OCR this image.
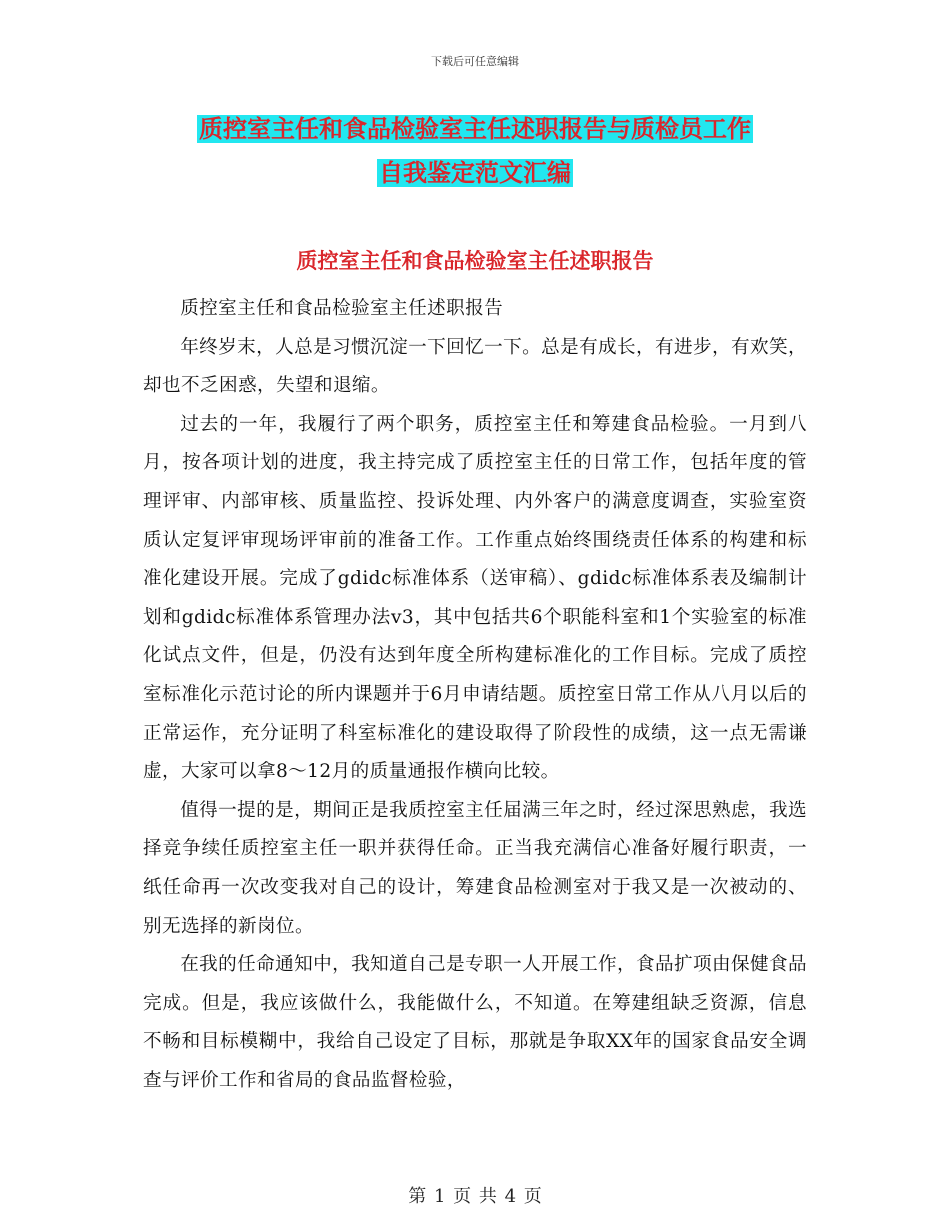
下载后可任意编辑
质控室主任和食品检验室主任述职报告与质检员工作
自我鉴定范文汇编
质控室主任和食品检验室主任述职报告

质控室主任和食品检验室主任述职报告

年终岁末，人总是习惯沉淀一下回忆一下。总是有成长，有进步，有欢笑，却也不乏困惑，失望和退缩。

过去的一年，我履行了两个职务，质控室主任和筹建食品检验。一月到八月，按各项计划的进度，我主持完成了质控室主任的日常工作，包括年度的管理评审、内部审核、质量监控、投诉处理、内外客户的满意度调查，实验室资质认定复评审现场评审前的准备工作。工作重点始终围绕责任体系的构建和标准化建设开展。完成了gdidc标准体系（送审稿）、gdidc标准体系表及编制计划和gdidc标准体系管理办法v3，其中包括共6个职能科室和1个实验室的标准化试点文件，但是，仍没有达到年度全所构建标准化的工作目标。完成了质控室标准化示范讨论的所内课题并于6月申请结题。质控室日常工作从八月以后的正常运作，充分证明了科室标准化的建设取得了阶段性的成绩，这一点无需谦虚，大家可以拿8～12月的质量通报作横向比较。

值得一提的是，期间正是我质控室主任届满三年之时，经过深思熟虑，我选择竞争续任质控室主任一职并获得任命。正当我充满信心准备好履行职责，一纸任命再一次改变我对自己的设计，筹建食品检测室对于我又是一次被动的、别无选择的新岗位。

在我的任命通知中，我知道自己是专职一人开展工作，食品扩项由保健食品完成。但是，我应该做什么，我能做什么，不知道。在筹建组缺乏资源，信息不畅和目标模糊中，我给自己设定了目标，那就是争取XX年的国家食品安全调查与评价工作和省局的食品监督检验，

第 1 页 共 4 页
